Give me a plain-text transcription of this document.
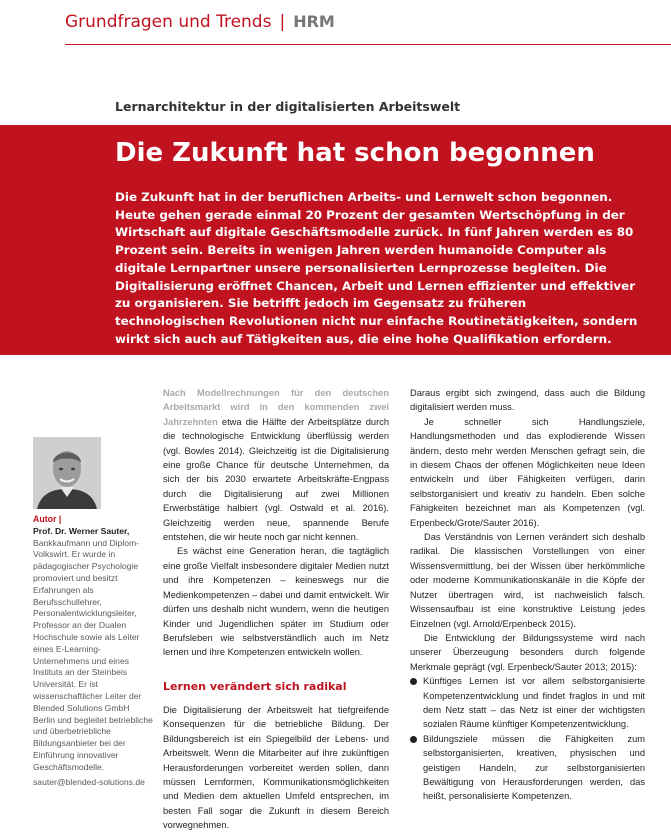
Grundfragen und Trends | HRM
Lernarchitektur in der digitalisierten Arbeitswelt
Die Zukunft hat schon begonnen

Die Zukunft hat in der beruflichen Arbeits- und Lernwelt schon begonnen. Heute gehen gerade einmal 20 Prozent der gesamten Wertschöpfung in der Wirtschaft auf digitale Geschäftsmodelle zurück. In fünf Jahren werden es 80 Prozent sein. Bereits in wenigen Jahren werden humanoide Computer als digitale Lernpartner unsere personalisierten Lernprozesse begleiten. Die Digitalisierung eröffnet Chancen, Arbeit und Lernen effizienter und effektiver zu organisieren. Sie betrifft jedoch im Gegensatz zu früheren technologischen Revolutionen nicht nur einfache Routinetätigkeiten, sondern wirkt sich auch auf Tätigkeiten aus, die eine hohe Qualifikation erfordern.

Autor |
Prof. Dr. Werner Sauter,
Bankkaufmann und Diplom-Volkswirt. Er wurde in pädagogischer Psychologie promoviert und besitzt Erfahrungen als Berufsschullehrer, Personalentwicklungsleiter, Professor an der Dualen Hochschule sowie als Leiter eines E-Learning-Unternehmens und eines Instituts an der Steinbeis Universität. Er ist wissenschaftlicher Leiter der Blended Solutions GmbH Berlin und begleitet betriebliche und überbetriebliche Bildungsanbieter bei der Einführung innovativer Geschäftsmodelle.
sauter@blended-solutions.de

Nach Modellrechnungen für den deutschen Arbeitsmarkt wird in den kommenden zwei Jahrzehnten etwa die Hälfte der Arbeitsplätze durch die technologische Entwicklung überflüssig werden (vgl. Bowles 2014). Gleichzeitig ist die Digitalisierung eine große Chance für deutsche Unternehmen, da sich der bis 2030 erwartete Arbeitskräfte-Engpass durch die Digitalisierung auf zwei Millionen Erwerbstätige halbiert (vgl. Ostwald et al. 2016). Gleichzeitig werden neue, spannende Berufe entstehen, die wir heute noch gar nicht kennen.

Es wächst eine Generation heran, die tagtäglich eine große Vielfalt insbesondere digitaler Medien nutzt und ihre Kompetenzen – keineswegs nur die Medienkompetenzen – dabei und damit entwickelt. Wir dürfen uns deshalb nicht wundern, wenn die heutigen Kinder und Jugendlichen später im Studium oder Berufsleben wie selbstverständlich auch im Netz lernen und ihre Kompetenzen entwickeln wollen.

Lernen verändert sich radikal

Die Digitalisierung der Arbeitswelt hat tiefgreifende Konsequenzen für die betriebliche Bildung. Der Bildungsbereich ist ein Spiegelbild der Lebens- und Arbeitswelt. Wenn die Mitarbeiter auf ihre zukünftigen Herausforderungen vorbereitet werden sollen, dann müssen Lernformen, Kommunikationsmöglichkeiten und Medien dem aktuellen Umfeld entsprechen, im besten Fall sogar die Zukunft in diesem Bereich vorwegnehmen.

Daraus ergibt sich zwingend, dass auch die Bildung digitalisiert werden muss.

Je schneller sich Handlungsziele, Handlungsmethoden und das explodierende Wissen ändern, desto mehr werden Menschen gefragt sein, die in diesem Chaos der offenen Möglichkeiten neue Ideen entwickeln und über Fähigkeiten verfügen, darin selbstorganisiert und kreativ zu handeln. Eben solche Fähigkeiten bezeichnet man als Kompetenzen (vgl. Erpenbeck/Grote/Sauter 2016).

Das Verständnis von Lernen verändert sich deshalb radikal. Die klassischen Vorstellungen von einer Wissensvermittlung, bei der Wissen über herkömmliche oder moderne Kommunikationskanäle in die Köpfe der Nutzer übertragen wird, ist nachweislich falsch. Wissensaufbau ist eine konstruktive Leistung jedes Einzelnen (vgl. Arnold/Erpenbeck 2015).

Die Entwicklung der Bildungssysteme wird nach unserer Überzeugung besonders durch folgende Merkmale geprägt (vgl. Erpenbeck/Sauter 2013; 2015):

Künftiges Lernen ist vor allem selbstorganisierte Kompetenzentwicklung und findet fraglos in und mit dem Netz statt – das Netz ist einer der wichtigsten sozialen Räume künftiger Kompetenzentwicklung.
Bildungsziele müssen die Fähigkeiten zum selbstorganisierten, kreativen, physischen und geistigen Handeln, zur selbstorganisierten Bewältigung von Herausforderungen werden, das heißt, personalisierte Kompetenzen.
